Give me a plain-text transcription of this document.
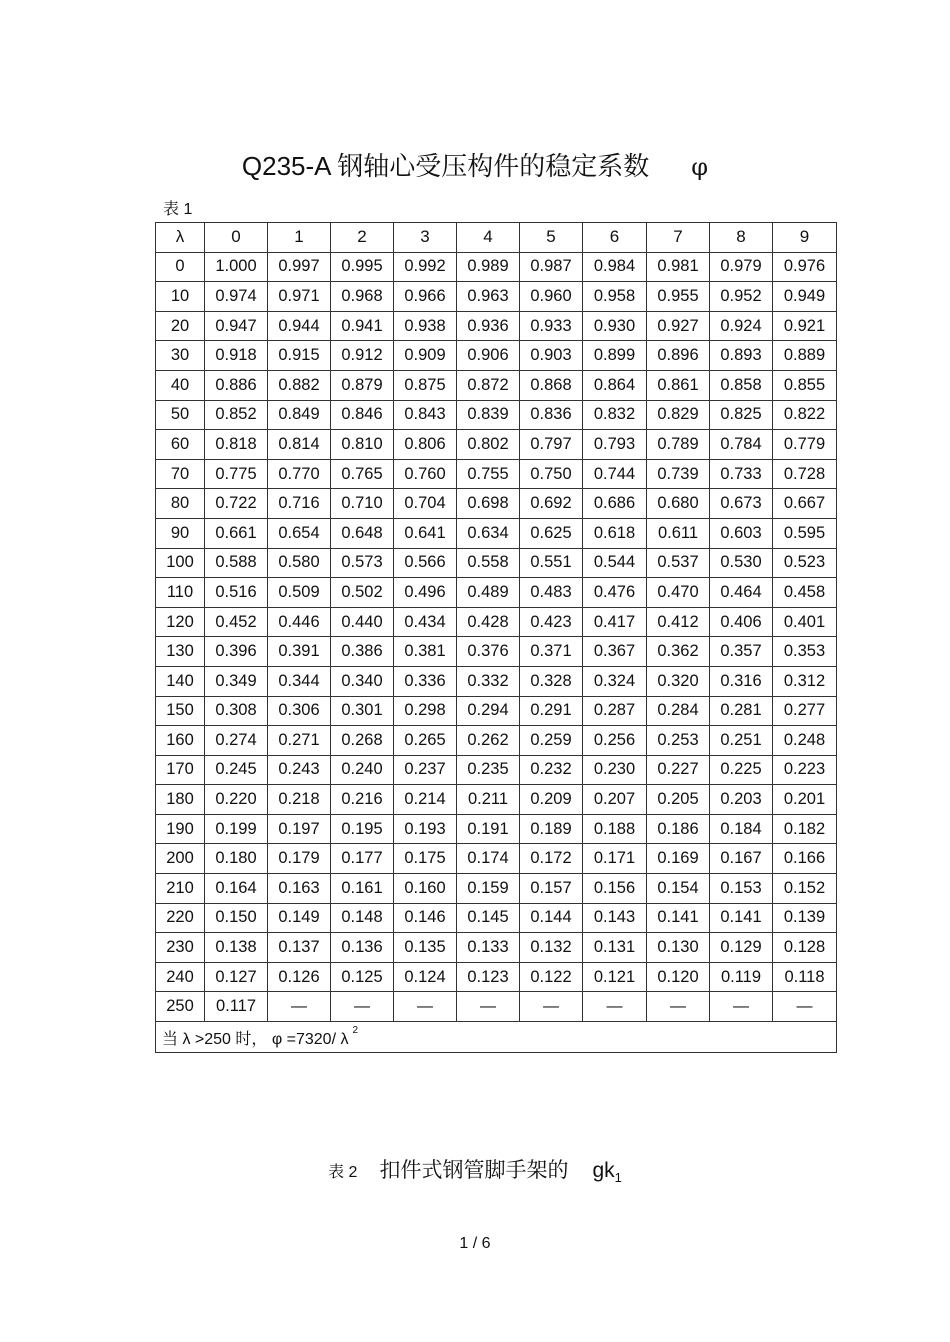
Q235-A 钢轴心受压构件的稳定系数 φ
表 1
λ	0	1	2	3	4	5	6	7	8	9
0	1.000	0.997	0.995	0.992	0.989	0.987	0.984	0.981	0.979	0.976
10	0.974	0.971	0.968	0.966	0.963	0.960	0.958	0.955	0.952	0.949
20	0.947	0.944	0.941	0.938	0.936	0.933	0.930	0.927	0.924	0.921
30	0.918	0.915	0.912	0.909	0.906	0.903	0.899	0.896	0.893	0.889
40	0.886	0.882	0.879	0.875	0.872	0.868	0.864	0.861	0.858	0.855
50	0.852	0.849	0.846	0.843	0.839	0.836	0.832	0.829	0.825	0.822
60	0.818	0.814	0.810	0.806	0.802	0.797	0.793	0.789	0.784	0.779
70	0.775	0.770	0.765	0.760	0.755	0.750	0.744	0.739	0.733	0.728
80	0.722	0.716	0.710	0.704	0.698	0.692	0.686	0.680	0.673	0.667
90	0.661	0.654	0.648	0.641	0.634	0.625	0.618	0.611	0.603	0.595
100	0.588	0.580	0.573	0.566	0.558	0.551	0.544	0.537	0.530	0.523
110	0.516	0.509	0.502	0.496	0.489	0.483	0.476	0.470	0.464	0.458
120	0.452	0.446	0.440	0.434	0.428	0.423	0.417	0.412	0.406	0.401
130	0.396	0.391	0.386	0.381	0.376	0.371	0.367	0.362	0.357	0.353
140	0.349	0.344	0.340	0.336	0.332	0.328	0.324	0.320	0.316	0.312
150	0.308	0.306	0.301	0.298	0.294	0.291	0.287	0.284	0.281	0.277
160	0.274	0.271	0.268	0.265	0.262	0.259	0.256	0.253	0.251	0.248
170	0.245	0.243	0.240	0.237	0.235	0.232	0.230	0.227	0.225	0.223
180	0.220	0.218	0.216	0.214	0.211	0.209	0.207	0.205	0.203	0.201
190	0.199	0.197	0.195	0.193	0.191	0.189	0.188	0.186	0.184	0.182
200	0.180	0.179	0.177	0.175	0.174	0.172	0.171	0.169	0.167	0.166
210	0.164	0.163	0.161	0.160	0.159	0.157	0.156	0.154	0.153	0.152
220	0.150	0.149	0.148	0.146	0.145	0.144	0.143	0.141	0.141	0.139
230	0.138	0.137	0.136	0.135	0.133	0.132	0.131	0.130	0.129	0.128
240	0.127	0.126	0.125	0.124	0.123	0.122	0.121	0.120	0.119	0.118
250	0.117	—	—	—	—	—	—	—	—	—
当 λ >250 时， φ =7320/ λ $^2$
表 2 扣件式钢管脚手架的 $gk_1$
1 / 6
